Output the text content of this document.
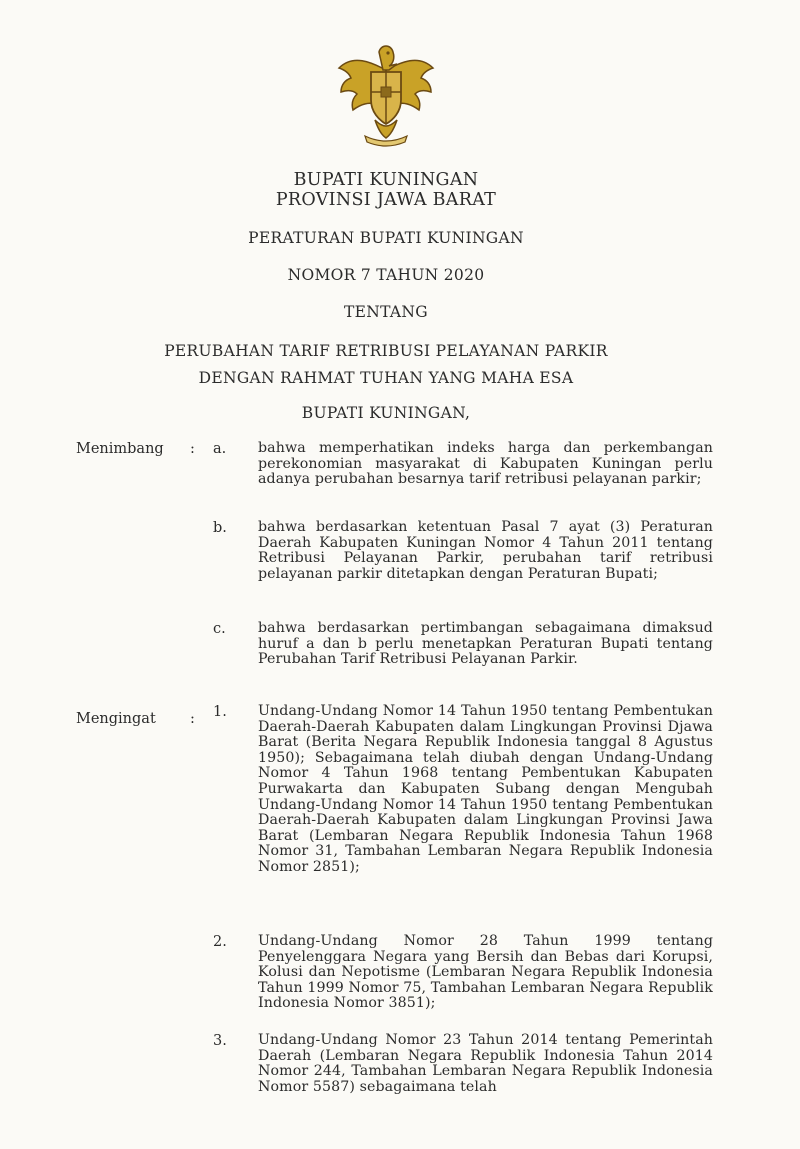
BUPATI KUNINGAN
PROVINSI JAWA BARAT
PERATURAN BUPATI KUNINGAN
NOMOR 7 TAHUN 2020
TENTANG
PERUBAHAN TARIF RETRIBUSI PELAYANAN PARKIR
DENGAN RAHMAT TUHAN YANG MAHA ESA
BUPATI KUNINGAN,
Menimbang : a.	bahwa memperhatikan indeks harga dan perkembangan perekonomian masyarakat di Kabupaten Kuningan perlu adanya perubahan besarnya tarif retribusi pelayanan parkir;
b.	bahwa berdasarkan ketentuan Pasal 7 ayat (3) Peraturan Daerah Kabupaten Kuningan Nomor 4 Tahun 2011 tentang Retribusi Pelayanan Parkir, perubahan tarif retribusi pelayanan parkir ditetapkan dengan Peraturan Bupati;
c.	bahwa berdasarkan pertimbangan sebagaimana dimaksud huruf a dan b perlu menetapkan Peraturan Bupati tentang Perubahan Tarif Retribusi Pelayanan Parkir.
Mengingat : 1.	Undang-Undang Nomor 14 Tahun 1950 tentang Pembentukan Daerah-Daerah Kabupaten dalam Lingkungan Provinsi Djawa Barat (Berita Negara Republik Indonesia tanggal 8 Agustus 1950); Sebagaimana telah diubah dengan Undang-Undang Nomor 4 Tahun 1968 tentang Pembentukan Kabupaten Purwakarta dan Kabupaten Subang dengan Mengubah Undang-Undang Nomor 14 Tahun 1950 tentang Pembentukan Daerah-Daerah Kabupaten dalam Lingkungan Provinsi Jawa Barat (Lembaran Negara Republik Indonesia Tahun 1968 Nomor 31, Tambahan Lembaran Negara Republik Indonesia Nomor 2851);
2.	Undang-Undang Nomor 28 Tahun 1999 tentang Penyelenggara Negara yang Bersih dan Bebas dari Korupsi, Kolusi dan Nepotisme (Lembaran Negara Republik Indonesia Tahun 1999 Nomor 75, Tambahan Lembaran Negara Republik Indonesia Nomor 3851);
3.	Undang-Undang Nomor 23 Tahun 2014 tentang Pemerintah Daerah (Lembaran Negara Republik Indonesia Tahun 2014 Nomor 244, Tambahan Lembaran Negara Republik Indonesia Nomor 5587) sebagaimana telah
